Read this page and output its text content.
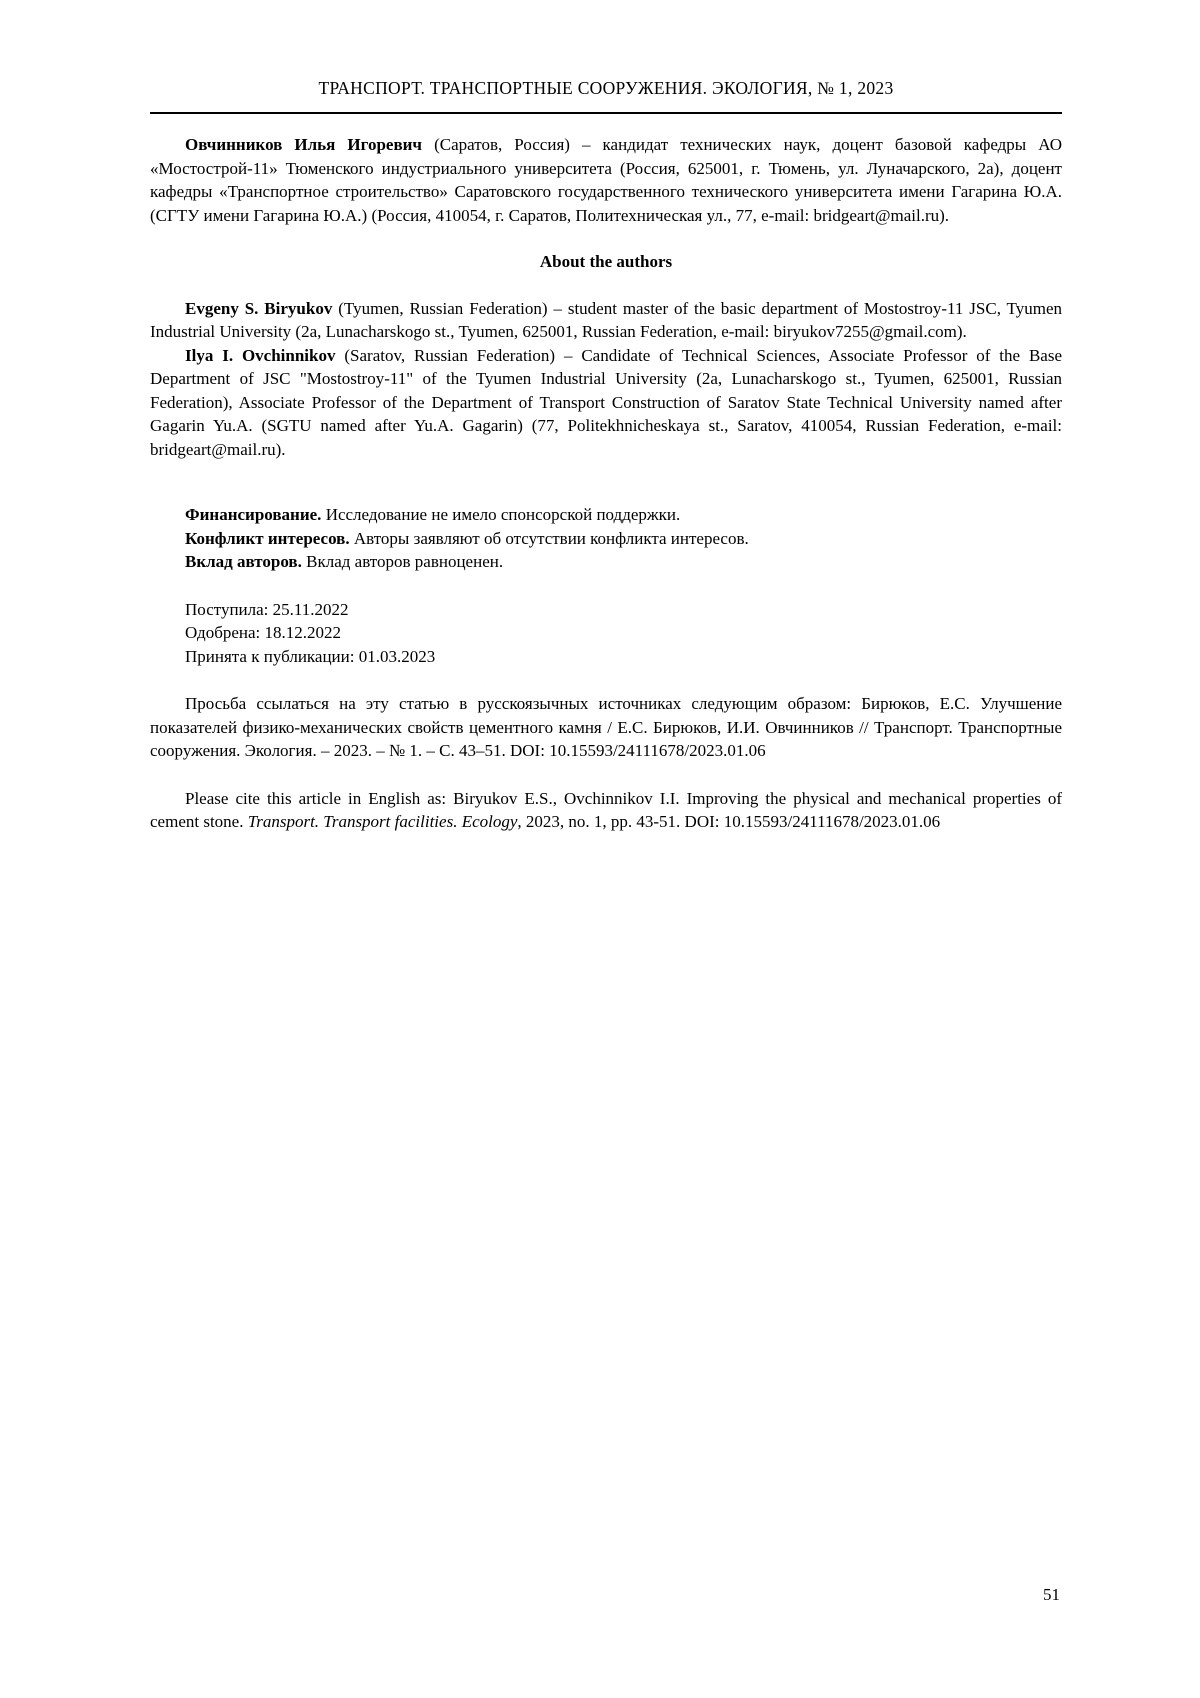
ТРАНСПОРТ. ТРАНСПОРТНЫЕ СООРУЖЕНИЯ. ЭКОЛОГИЯ, № 1, 2023

Овчинников Илья Игоревич (Саратов, Россия) – кандидат технических наук, доцент базовой кафедры АО «Мостострой-11» Тюменского индустриального университета (Россия, 625001, г. Тюмень, ул. Луначарского, 2а), доцент кафедры «Транспортное строительство» Саратовского государственного технического университета имени Гагарина Ю.А. (СГТУ имени Гагарина Ю.А.) (Россия, 410054, г. Саратов, Политехническая ул., 77, e-mail: bridgeart@mail.ru).

About the authors

Evgeny S. Biryukov (Tyumen, Russian Federation) – student master of the basic department of Mostostroy-11 JSC, Tyumen Industrial University (2a, Lunacharskogo st., Tyumen, 625001, Russian Federation, e-mail: biryukov7255@gmail.com).

Ilya I. Ovchinnikov (Saratov, Russian Federation) – Candidate of Technical Sciences, Associate Professor of the Base Department of JSC "Mostostroy-11" of the Tyumen Industrial University (2a, Lunacharskogo st., Tyumen, 625001, Russian Federation), Associate Professor of the Department of Transport Construction of Saratov State Technical University named after Gagarin Yu.A. (SGTU named after Yu.A. Gagarin) (77, Politekhnicheskaya st., Saratov, 410054, Russian Federation, e-mail: bridgeart@mail.ru).

Финансирование. Исследование не имело спонсорской поддержки.

Конфликт интересов. Авторы заявляют об отсутствии конфликта интересов.

Вклад авторов. Вклад авторов равноценен.

Поступила: 25.11.2022

Одобрена: 18.12.2022

Принята к публикации: 01.03.2023

Просьба ссылаться на эту статью в русскоязычных источниках следующим образом: Бирюков, Е.С. Улучшение показателей физико-механических свойств цементного камня / Е.С. Бирюков, И.И. Овчинников // Транспорт. Транспортные сооружения. Экология. – 2023. – № 1. – С. 43–51. DOI: 10.15593/24111678/2023.01.06

Please cite this article in English as: Biryukov E.S., Ovchinnikov I.I. Improving the physical and mechanical properties of cement stone. Transport. Transport facilities. Ecology, 2023, no. 1, pp. 43-51. DOI: 10.15593/24111678/2023.01.06

51
